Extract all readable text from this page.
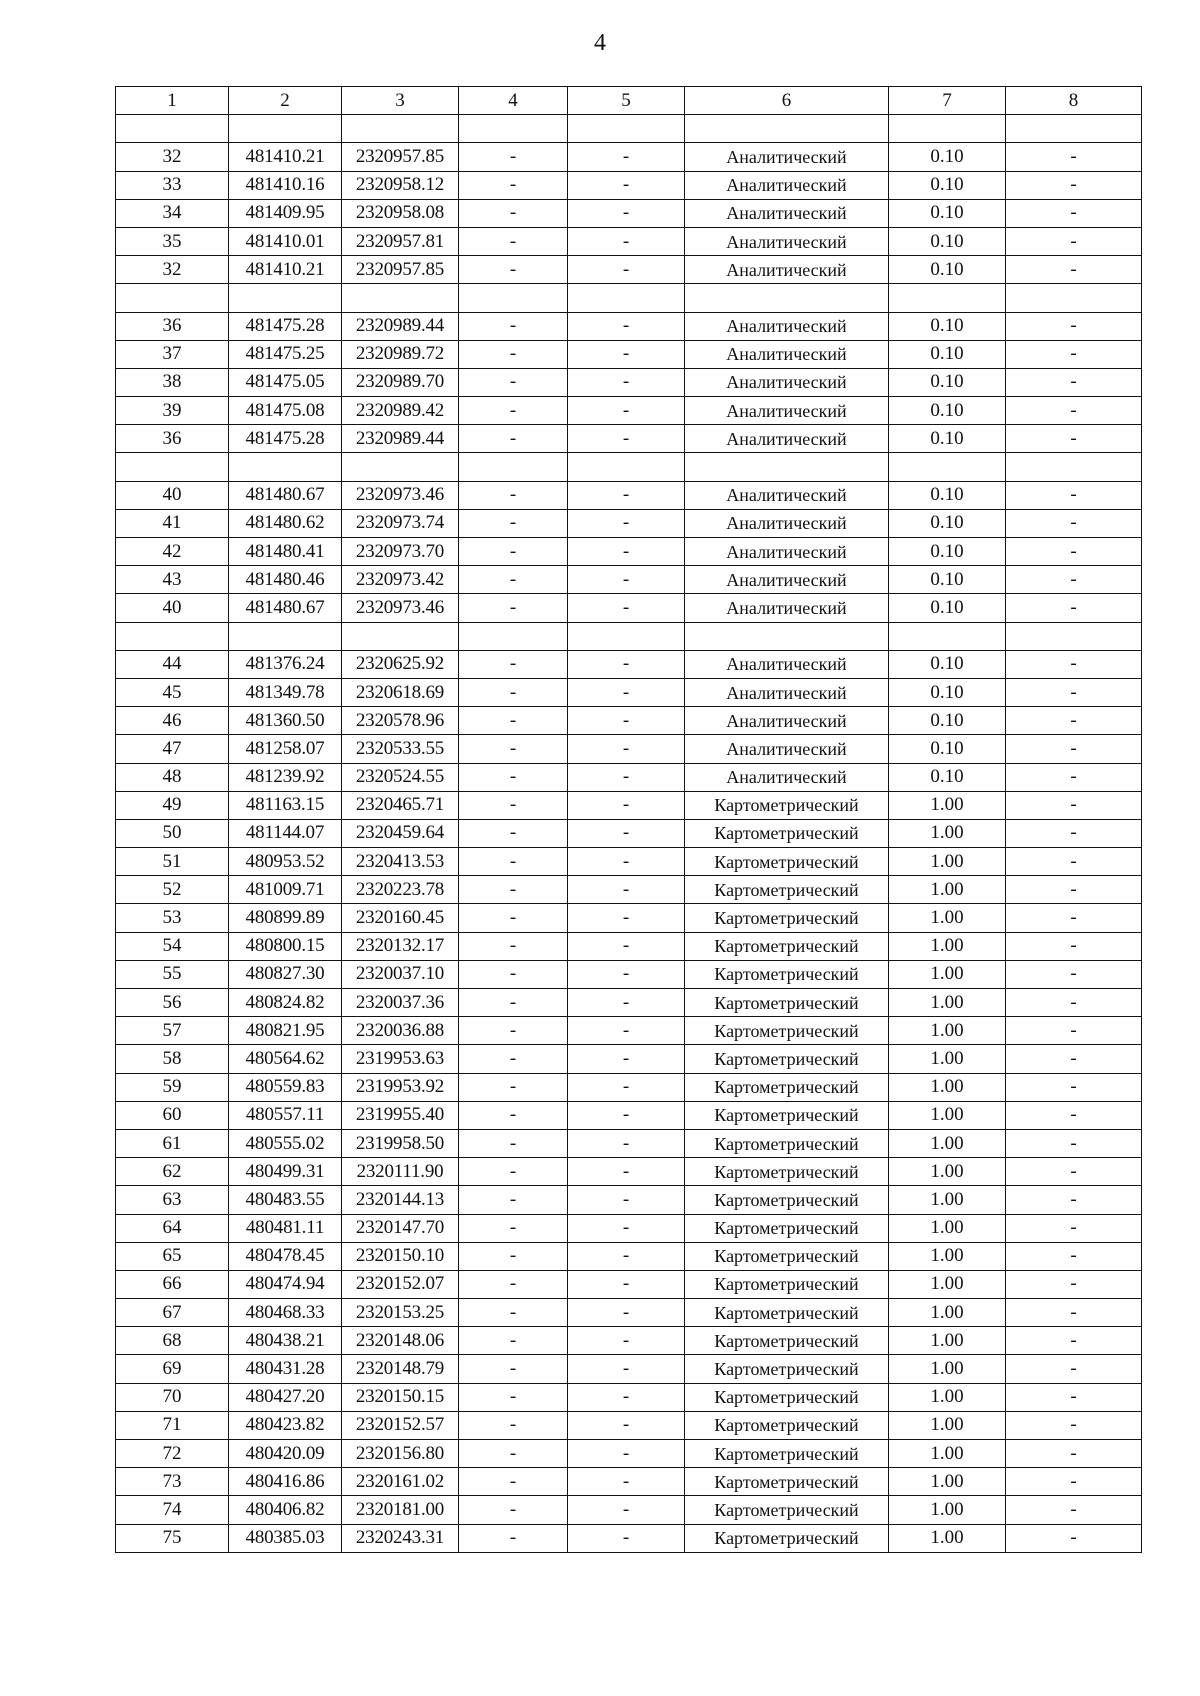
4
1	2	3	4	5	6	7	8

32	481410.21	2320957.85	-	-	Аналитический	0.10	-
33	481410.16	2320958.12	-	-	Аналитический	0.10	-
34	481409.95	2320958.08	-	-	Аналитический	0.10	-
35	481410.01	2320957.81	-	-	Аналитический	0.10	-
32	481410.21	2320957.85	-	-	Аналитический	0.10	-

36	481475.28	2320989.44	-	-	Аналитический	0.10	-
37	481475.25	2320989.72	-	-	Аналитический	0.10	-
38	481475.05	2320989.70	-	-	Аналитический	0.10	-
39	481475.08	2320989.42	-	-	Аналитический	0.10	-
36	481475.28	2320989.44	-	-	Аналитический	0.10	-

40	481480.67	2320973.46	-	-	Аналитический	0.10	-
41	481480.62	2320973.74	-	-	Аналитический	0.10	-
42	481480.41	2320973.70	-	-	Аналитический	0.10	-
43	481480.46	2320973.42	-	-	Аналитический	0.10	-
40	481480.67	2320973.46	-	-	Аналитический	0.10	-

44	481376.24	2320625.92	-	-	Аналитический	0.10	-
45	481349.78	2320618.69	-	-	Аналитический	0.10	-
46	481360.50	2320578.96	-	-	Аналитический	0.10	-
47	481258.07	2320533.55	-	-	Аналитический	0.10	-
48	481239.92	2320524.55	-	-	Аналитический	0.10	-
49	481163.15	2320465.71	-	-	Картометрический	1.00	-
50	481144.07	2320459.64	-	-	Картометрический	1.00	-
51	480953.52	2320413.53	-	-	Картометрический	1.00	-
52	481009.71	2320223.78	-	-	Картометрический	1.00	-
53	480899.89	2320160.45	-	-	Картометрический	1.00	-
54	480800.15	2320132.17	-	-	Картометрический	1.00	-
55	480827.30	2320037.10	-	-	Картометрический	1.00	-
56	480824.82	2320037.36	-	-	Картометрический	1.00	-
57	480821.95	2320036.88	-	-	Картометрический	1.00	-
58	480564.62	2319953.63	-	-	Картометрический	1.00	-
59	480559.83	2319953.92	-	-	Картометрический	1.00	-
60	480557.11	2319955.40	-	-	Картометрический	1.00	-
61	480555.02	2319958.50	-	-	Картометрический	1.00	-
62	480499.31	2320111.90	-	-	Картометрический	1.00	-
63	480483.55	2320144.13	-	-	Картометрический	1.00	-
64	480481.11	2320147.70	-	-	Картометрический	1.00	-
65	480478.45	2320150.10	-	-	Картометрический	1.00	-
66	480474.94	2320152.07	-	-	Картометрический	1.00	-
67	480468.33	2320153.25	-	-	Картометрический	1.00	-
68	480438.21	2320148.06	-	-	Картометрический	1.00	-
69	480431.28	2320148.79	-	-	Картометрический	1.00	-
70	480427.20	2320150.15	-	-	Картометрический	1.00	-
71	480423.82	2320152.57	-	-	Картометрический	1.00	-
72	480420.09	2320156.80	-	-	Картометрический	1.00	-
73	480416.86	2320161.02	-	-	Картометрический	1.00	-
74	480406.82	2320181.00	-	-	Картометрический	1.00	-
75	480385.03	2320243.31	-	-	Картометрический	1.00	-
